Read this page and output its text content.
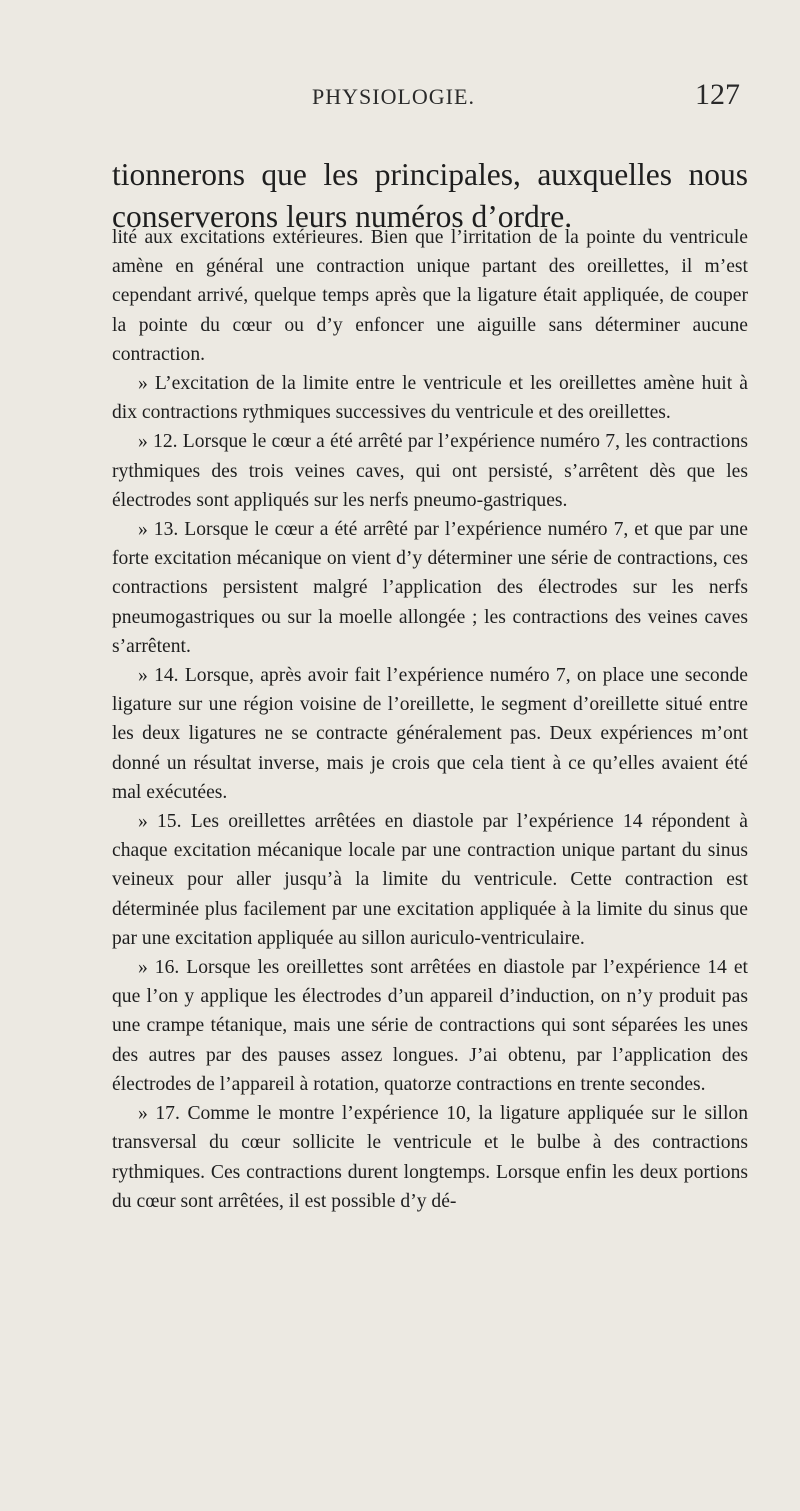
PHYSIOLOGIE.	127

tionnerons que les principales, auxquelles nous conserverons leurs numéros d’ordre.

lité aux excitations extérieures. Bien que l’irritation de la pointe du ventricule amène en général une contraction unique partant des oreillettes, il m’est cependant arrivé, quelque temps après que la ligature était appliquée, de couper la pointe du cœur ou d’y enfoncer une aiguille sans déterminer aucune contraction.

» L’excitation de la limite entre le ventricule et les oreillettes amène huit à dix contractions rythmiques successives du ventricule et des oreillettes.

» 12. Lorsque le cœur a été arrêté par l’expérience numéro 7, les contractions rythmiques des trois veines caves, qui ont persisté, s’arrêtent dès que les électrodes sont appliqués sur les nerfs pneumo-gastriques.

» 13. Lorsque le cœur a été arrêté par l’expérience numéro 7, et que par une forte excitation mécanique on vient d’y déterminer une série de contractions, ces contractions persistent malgré l’application des électrodes sur les nerfs pneumogastriques ou sur la moelle allongée ; les contractions des veines caves s’arrêtent.

» 14. Lorsque, après avoir fait l’expérience numéro 7, on place une seconde ligature sur une région voisine de l’oreillette, le segment d’oreillette situé entre les deux ligatures ne se contracte généralement pas. Deux expériences m’ont donné un résultat inverse, mais je crois que cela tient à ce qu’elles avaient été mal exécutées.

» 15. Les oreillettes arrêtées en diastole par l’expérience 14 répondent à chaque excitation mécanique locale par une contraction unique partant du sinus veineux pour aller jusqu’à la limite du ventricule. Cette contraction est déterminée plus facilement par une excitation appliquée à la limite du sinus que par une excitation appliquée au sillon auriculo-ventriculaire.

» 16. Lorsque les oreillettes sont arrêtées en diastole par l’expérience 14 et que l’on y applique les électrodes d’un appareil d’induction, on n’y produit pas une crampe tétanique, mais une série de contractions qui sont séparées les unes des autres par des pauses assez longues. J’ai obtenu, par l’application des électrodes de l’appareil à rotation, quatorze contractions en trente secondes.

» 17. Comme le montre l’expérience 10, la ligature appliquée sur le sillon transversal du cœur sollicite le ventricule et le bulbe à des contractions rythmiques. Ces contractions durent longtemps. Lorsque enfin les deux portions du cœur sont arrêtées, il est possible d’y dé-
